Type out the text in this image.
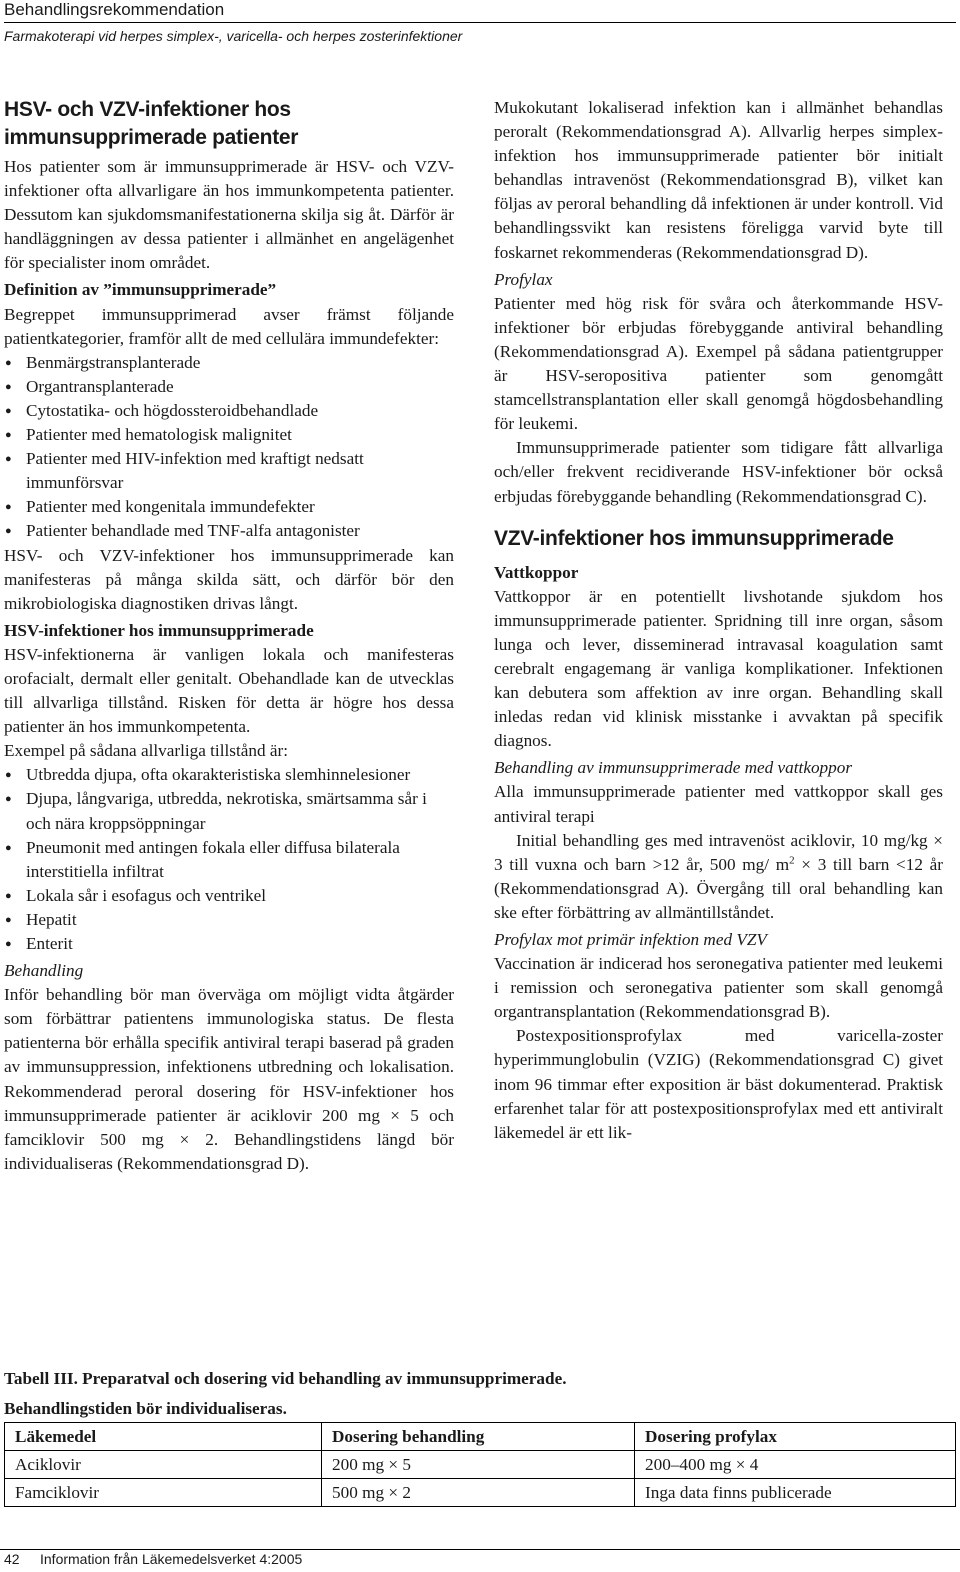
Behandlingsrekommendation
Farmakoterapi vid herpes simplex-, varicella- och herpes zosterinfektioner
HSV- och VZV-infektioner hos immunsupprimerade patienter

Hos patienter som är immunsupprimerade är HSV- och VZV-infektioner ofta allvarligare än hos immunkompetenta patienter. Dessutom kan sjukdomsmanifestationerna skilja sig åt. Därför är handläggningen av dessa patienter i allmänhet en angelägenhet för specialister inom området.

Definition av ”immunsupprimerade”

Begreppet immunsupprimerad avser främst följande patientkategorier, framför allt de med cellulära immundefekter:

● Benmärgstransplanterade
● Organtransplanterade
● Cytostatika- och högdossteroidbehandlade
● Patienter med hematologisk malignitet
● Patienter med HIV-infektion med kraftigt nedsatt immunförsvar
● Patienter med kongenitala immundefekter
● Patienter behandlade med TNF-alfa antagonister

HSV- och VZV-infektioner hos immunsupprimerade kan manifesteras på många skilda sätt, och därför bör den mikrobiologiska diagnostiken drivas långt.

HSV-infektioner hos immunsupprimerade

HSV-infektionerna är vanligen lokala och manifesteras orofacialt, dermalt eller genitalt. Obehandlade kan de utvecklas till allvarliga tillstånd. Risken för detta är högre hos dessa patienter än hos immunkompetenta.

Exempel på sådana allvarliga tillstånd är:

● Utbredda djupa, ofta okarakteristiska slemhinnelesioner
● Djupa, långvariga, utbredda, nekrotiska, smärtsamma sår i och nära kroppsöppningar
● Pneumonit med antingen fokala eller diffusa bilaterala interstitiella infiltrat
● Lokala sår i esofagus och ventrikel
● Hepatit
● Enterit
Behandling

Inför behandling bör man överväga om möjligt vidta åtgärder som förbättrar patientens immunologiska status. De flesta patienterna bör erhålla specifik antiviral terapi baserad på graden av immunsuppression, infektionens utbredning och lokalisation. Rekommenderad peroral dosering för HSV-infektioner hos immunsupprimerade patienter är aciklovir 200 mg × 5 och famciklovir 500 mg × 2. Behandlingstidens längd bör individualiseras (Rekommendationsgrad D).

Mukokutant lokaliserad infektion kan i allmänhet behandlas peroralt (Rekommendationsgrad A). Allvarlig herpes simplex-infektion hos immunsupprimerade patienter bör initialt behandlas intravenöst (Rekommendationsgrad B), vilket kan följas av peroral behandling då infektionen är under kontroll. Vid behandlingssvikt kan resistens föreligga varvid byte till foskarnet rekommenderas (Rekommendationsgrad D).

Profylax

Patienter med hög risk för svåra och återkommande HSV-infektioner bör erbjudas förebyggande antiviral behandling (Rekommendationsgrad A). Exempel på sådana patientgrupper är HSV-seropositiva patienter som genomgått stamcellstransplantation eller skall genomgå högdosbehandling för leukemi.

Immunsupprimerade patienter som tidigare fått allvarliga och/eller frekvent recidiverande HSV-infektioner bör också erbjudas förebyggande behandling (Rekommendationsgrad C).

VZV-infektioner hos immunsupprimerade
Vattkoppor

Vattkoppor är en potentiellt livshotande sjukdom hos immunsupprimerade patienter. Spridning till inre organ, såsom lunga och lever, disseminerad intravasal koagulation samt cerebralt engagemang är vanliga komplikationer. Infektionen kan debutera som affektion av inre organ. Behandling skall inledas redan vid klinisk misstanke i avvaktan på specifik diagnos.

Behandling av immunsupprimerade med vattkoppor

Alla immunsupprimerade patienter med vattkoppor skall ges antiviral terapi

Initial behandling ges med intravenöst aciklovir, 10 mg/kg × 3 till vuxna och barn >12 år, 500 mg/ $m^2 \times 3$ till barn <12 år (Rekommendationsgrad A). Övergång till oral behandling kan ske efter förbättring av allmäntillståndet.

Profylax mot primär infektion med VZV

Vaccination är indicerad hos seronegativa patienter med leukemi i remission och seronegativa patienter som skall genomgå organtransplantation (Rekommendationsgrad B).

Postexpositionsprofylax med varicella-zoster hyperimmunglobulin (VZIG) (Rekommendationsgrad C) givet inom 96 timmar efter exposition är bäst dokumenterad. Praktisk erfarenhet talar för att postexpositionsprofylax med ett antiviralt läkemedel är ett lik-

Tabell III. Preparatval och dosering vid behandling av immunsupprimerade.
Behandlingstiden bör individualiseras.
Läkemedel	Dosering behandling	Dosering profylax
Aciklovir	200 mg × 5	200–400 mg × 4
Famciklovir	500 mg × 2	Inga data finns publicerade
42 Information från Läkemedelsverket 4:2005
